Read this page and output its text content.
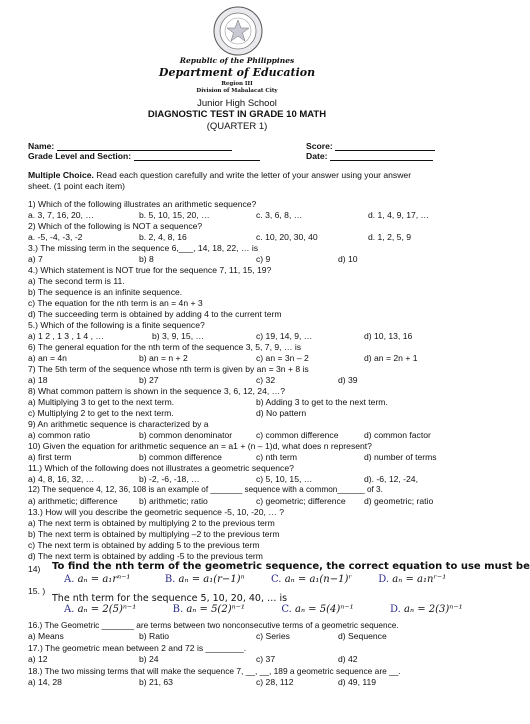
Republic of the Philippines
Department of Education
Region III
Division of Mabalacat City
Junior High School
DIAGNOSTIC TEST IN GRADE 10 MATH
(QUARTER 1)
Name:	Score:
Grade Level and Section:	Date:
Multiple Choice. Read each question carefully and write the letter of your answer using your answer
sheet. (1 point each item)
1) Which of the following illustrates an arithmetic sequence?
a. 3, 7, 16, 20, …	b. 5, 10, 15, 20, …	c. 3, 6, 8, …	d. 1, 4, 9, 17, …
2) Which of the following is NOT a sequence?
a. -5, -4, -3, -2	b. 2, 4, 8, 16	c. 10, 20, 30, 40	d. 1, 2, 5, 9
3.) The missing term in the sequence 6,___, 14, 18, 22, … is
a) 7	b) 8	c) 9	d) 10
4.) Which statement is NOT true for the sequence 7, 11, 15, 19?
a) The second term is 11.
b) The sequence is an infinite sequence.
c) The equation for the nth term is an = 4n + 3
d) The succeeding term is obtained by adding 4 to the current term
5.) Which of the following is a finite sequence?
a) 1 2 , 1 3 , 1 4 , …	b) 3, 9, 15, …	c) 19, 14, 9, …	d) 10, 13, 16
6) The general equation for the nth term of the sequence 3, 5, 7, 9, … is
a) an = 4n	b) an = n + 2	c) an = 3n – 2	d) an = 2n + 1
7) The 5th term of the sequence whose nth term is given by an = 3n + 8 is
a) 18	b) 27	c) 32	d) 39
8) What common pattern is shown in the sequence 3, 6, 12, 24, …?
a) Multiplying 3 to get to the next term.	b) Adding 3 to get to the next term.
c) Multiplying 2 to get to the next term.	d) No pattern
9) An arithmetic sequence is characterized by a
a) common ratio	b) common denominator	c) common difference	d) common factor
10) Given the equation for arithmetic sequence an = a1 + (n – 1)d, what does n represent?
a) first term	b) common difference	c) nth term	d) number of terms
11.) Which of the following does not illustrates a geometric sequence?
a) 4, 8, 16, 32, …	b) -2, -6, -18, …	c) 5, 10, 15, …	d). -6, 12, -24,
12) The sequence 4, 12, 36, 108 is an example of _______ sequence with a common______ of 3.
a) arithmetic; difference b) arithmetic; ratio	c) geometric; difference d) geometric; ratio
13.) How will you describe the geometric sequence -5, 10, -20, … ?
a) The next term is obtained by multiplying 2 to the previous term
b) The next term is obtained by multiplying –2 to the previous term
c) The next term is obtained by adding 5 to the previous term
d) The next term is obtained by adding -5 to the previous term
14) To find the nth term of the geometric sequence, the correct equation to use must be
A. aₙ = a₁rⁿ⁻¹	B. aₙ = a₁(r−1)ⁿ	C. aₙ = a₁(n−1)ʳ	D. aₙ = a₁nʳ⁻¹
15. )
The nth term for the sequence 5, 10, 20, 40, … is
A. aₙ = 2(5)ⁿ⁻¹	B. aₙ = 5(2)ⁿ⁻¹	C. aₙ = 5(4)ⁿ⁻¹	D. aₙ = 2(3)ⁿ⁻¹
16.) The Geometric _______ are terms between two nonconsecutive terms of a geometric sequence.
a) Means	b) Ratio	c) Series	d) Sequence
17.) The geometric mean between 2 and 72 is ________.
a) 12	b) 24	c) 37	d) 42
18.) The two missing terms that will make the sequence 7, __, __, 189 a geometric sequence are __.
a) 14, 28	b) 21, 63	c) 28, 112	d) 49, 119
